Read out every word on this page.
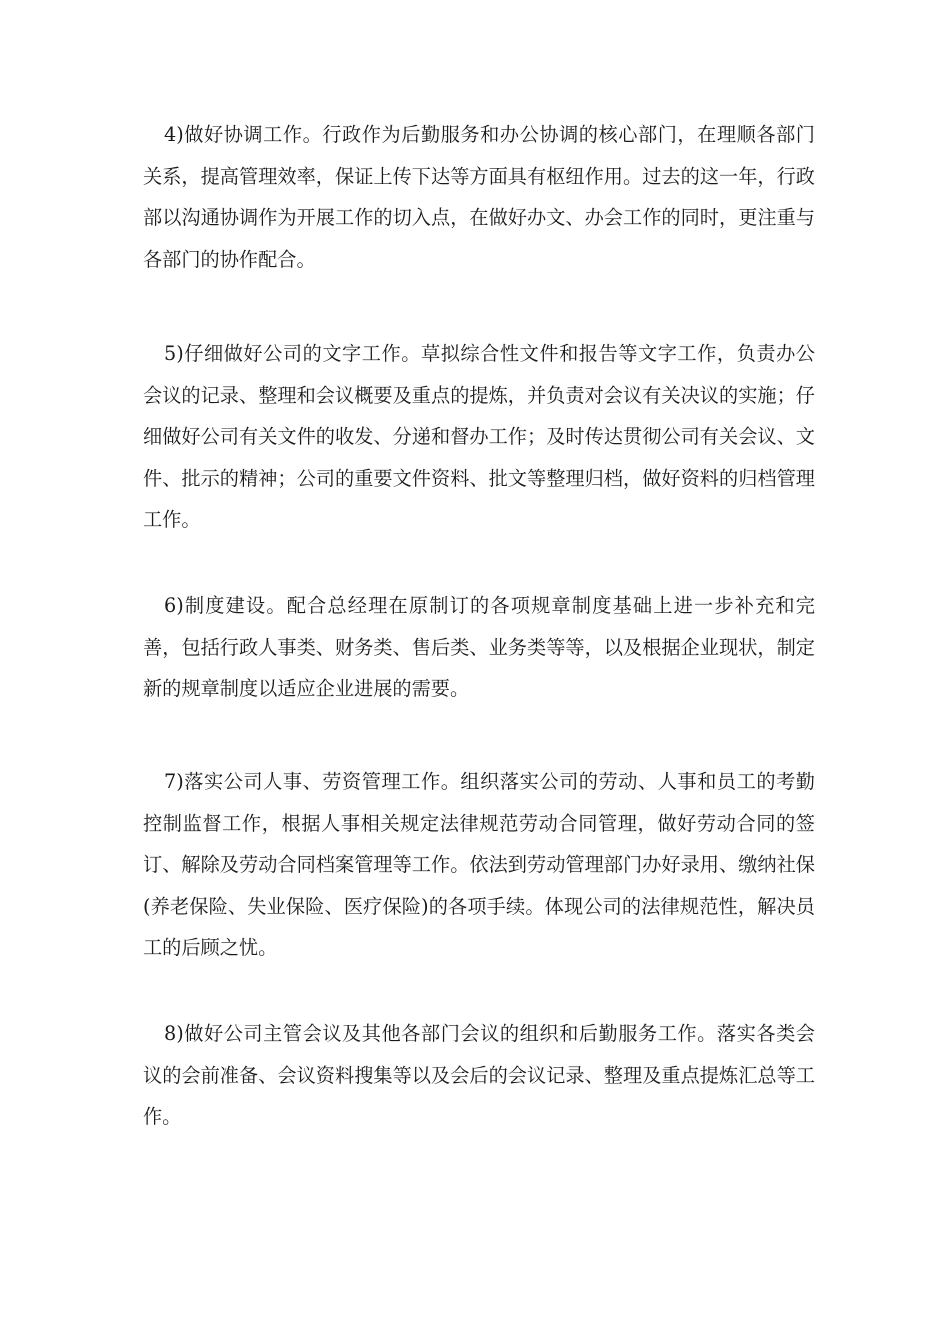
4)做好协调工作。行政作为后勤服务和办公协调的核心部门，在理顺各部门关系，提高管理效率，保证上传下达等方面具有枢纽作用。过去的这一年，行政部以沟通协调作为开展工作的切入点，在做好办文、办会工作的同时，更注重与各部门的协作配合。

5)仔细做好公司的文字工作。草拟综合性文件和报告等文字工作，负责办公会议的记录、整理和会议概要及重点的提炼，并负责对会议有关决议的实施；仔细做好公司有关文件的收发、分递和督办工作；及时传达贯彻公司有关会议、文件、批示的精神；公司的重要文件资料、批文等整理归档，做好资料的归档管理工作。

6)制度建设。配合总经理在原制订的各项规章制度基础上进一步补充和完善，包括行政人事类、财务类、售后类、业务类等等，以及根据企业现状，制定新的规章制度以适应企业进展的需要。

7)落实公司人事、劳资管理工作。组织落实公司的劳动、人事和员工的考勤控制监督工作，根据人事相关规定法律规范劳动合同管理，做好劳动合同的签订、解除及劳动合同档案管理等工作。依法到劳动管理部门办好录用、缴纳社保(养老保险、失业保险、医疗保险)的各项手续。体现公司的法律规范性，解决员工的后顾之忧。

8)做好公司主管会议及其他各部门会议的组织和后勤服务工作。落实各类会议的会前准备、会议资料搜集等以及会后的会议记录、整理及重点提炼汇总等工作。
